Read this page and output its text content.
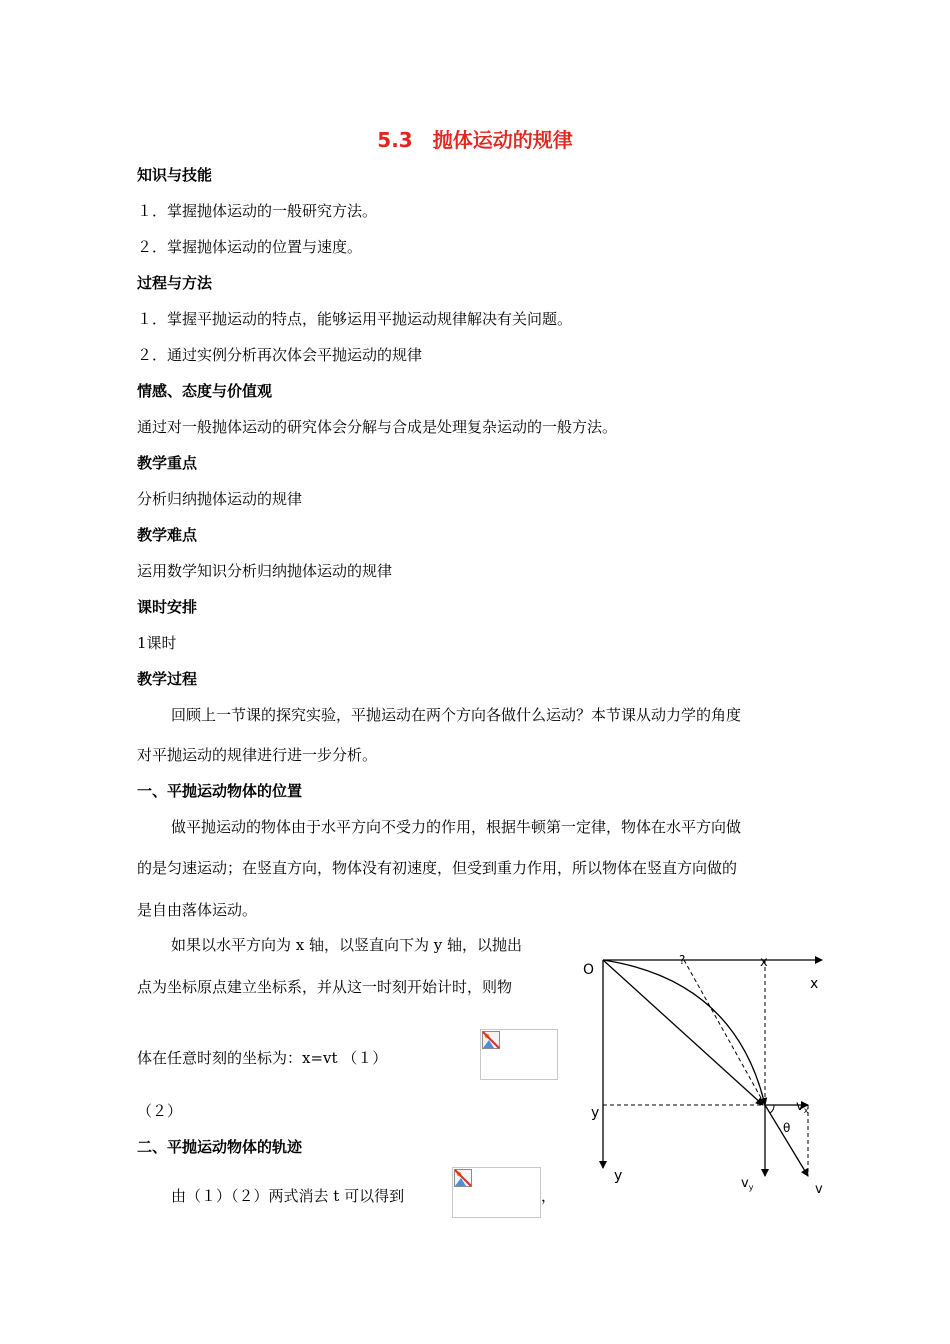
5.3　抛体运动的规律
知识与技能
１．掌握抛体运动的一般研究方法。
２．掌握抛体运动的位置与速度。
过程与方法
１．掌握平抛运动的特点，能够运用平抛运动规律解决有关问题。
２．通过实例分析再次体会平抛运动的规律
情感、态度与价值观
通过对一般抛体运动的研究体会分解与合成是处理复杂运动的一般方法。
教学重点
分析归纳抛体运动的规律
教学难点
运用数学知识分析归纳抛体运动的规律
课时安排
1课时
教学过程
回顾上一节课的探究实验，平抛运动在两个方向各做什么运动？本节课从动力学的角度
对平抛运动的规律进行进一步分析。
一、平抛运动物体的位置
做平抛运动的物体由于水平方向不受力的作用，根据牛顿第一定律，物体在水平方向做
的是匀速运动；在竖直方向，物体没有初速度，但受到重力作用，所以物体在竖直方向做的
是自由落体运动。
如果以水平方向为 x 轴，以竖直向下为 y 轴，以抛出
点为坐标原点建立坐标系，并从这一时刻开始计时，则物
体在任意时刻的坐标为：x=vt （１）
（２）
二、平抛运动物体的轨迹
由（１）（２）两式消去 t 可以得到	，
O
x
x
?
y
y
$v_x$
$v_y$	v
θ
